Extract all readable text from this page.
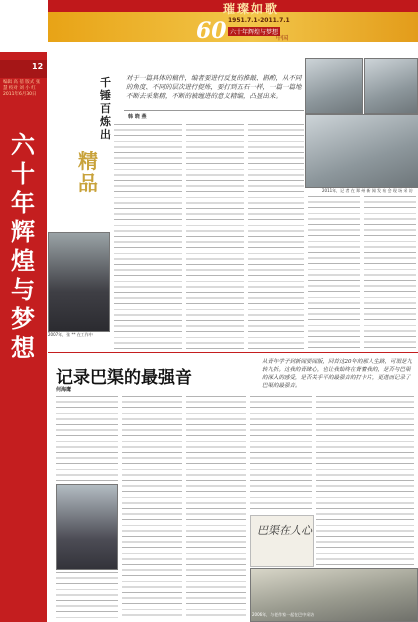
12
编辑 高 蓓 版式 张 慧 校对 刘 小 红 2011年6月30日
六十年辉煌与梦想
璀璨如歌
60 1951.7.1-2011.7.1
六十年辉煌与梦想
中国
千锤百炼出
精品
对于一篇具体的稿件，编者要进行反复的推敲、斟酌，从不同的角度、不同的层次进行提炼，要打到五石一样，一篇一篇地不断去采集精，不断的被缠进的意义精编，凸显出来。
韩 晓 燕
2011年，记 者 在 郑 州 新 闻 发 布 会 现 场 采 访
2007年，张 ** 在工作中
记录巴渠的最强音
何海鹰
从青年学子到新闻要闻版，回首这20年的那人生路，可谓是九转九折。这我的青睐心，也让我始终在背着我的，是否与巴渠的深入的感受，是否关乎平的最强音的打卡片，更进而记录了巴渠的最强音。
巴渠在人心
2006年，与老作家一起在巴中采访
